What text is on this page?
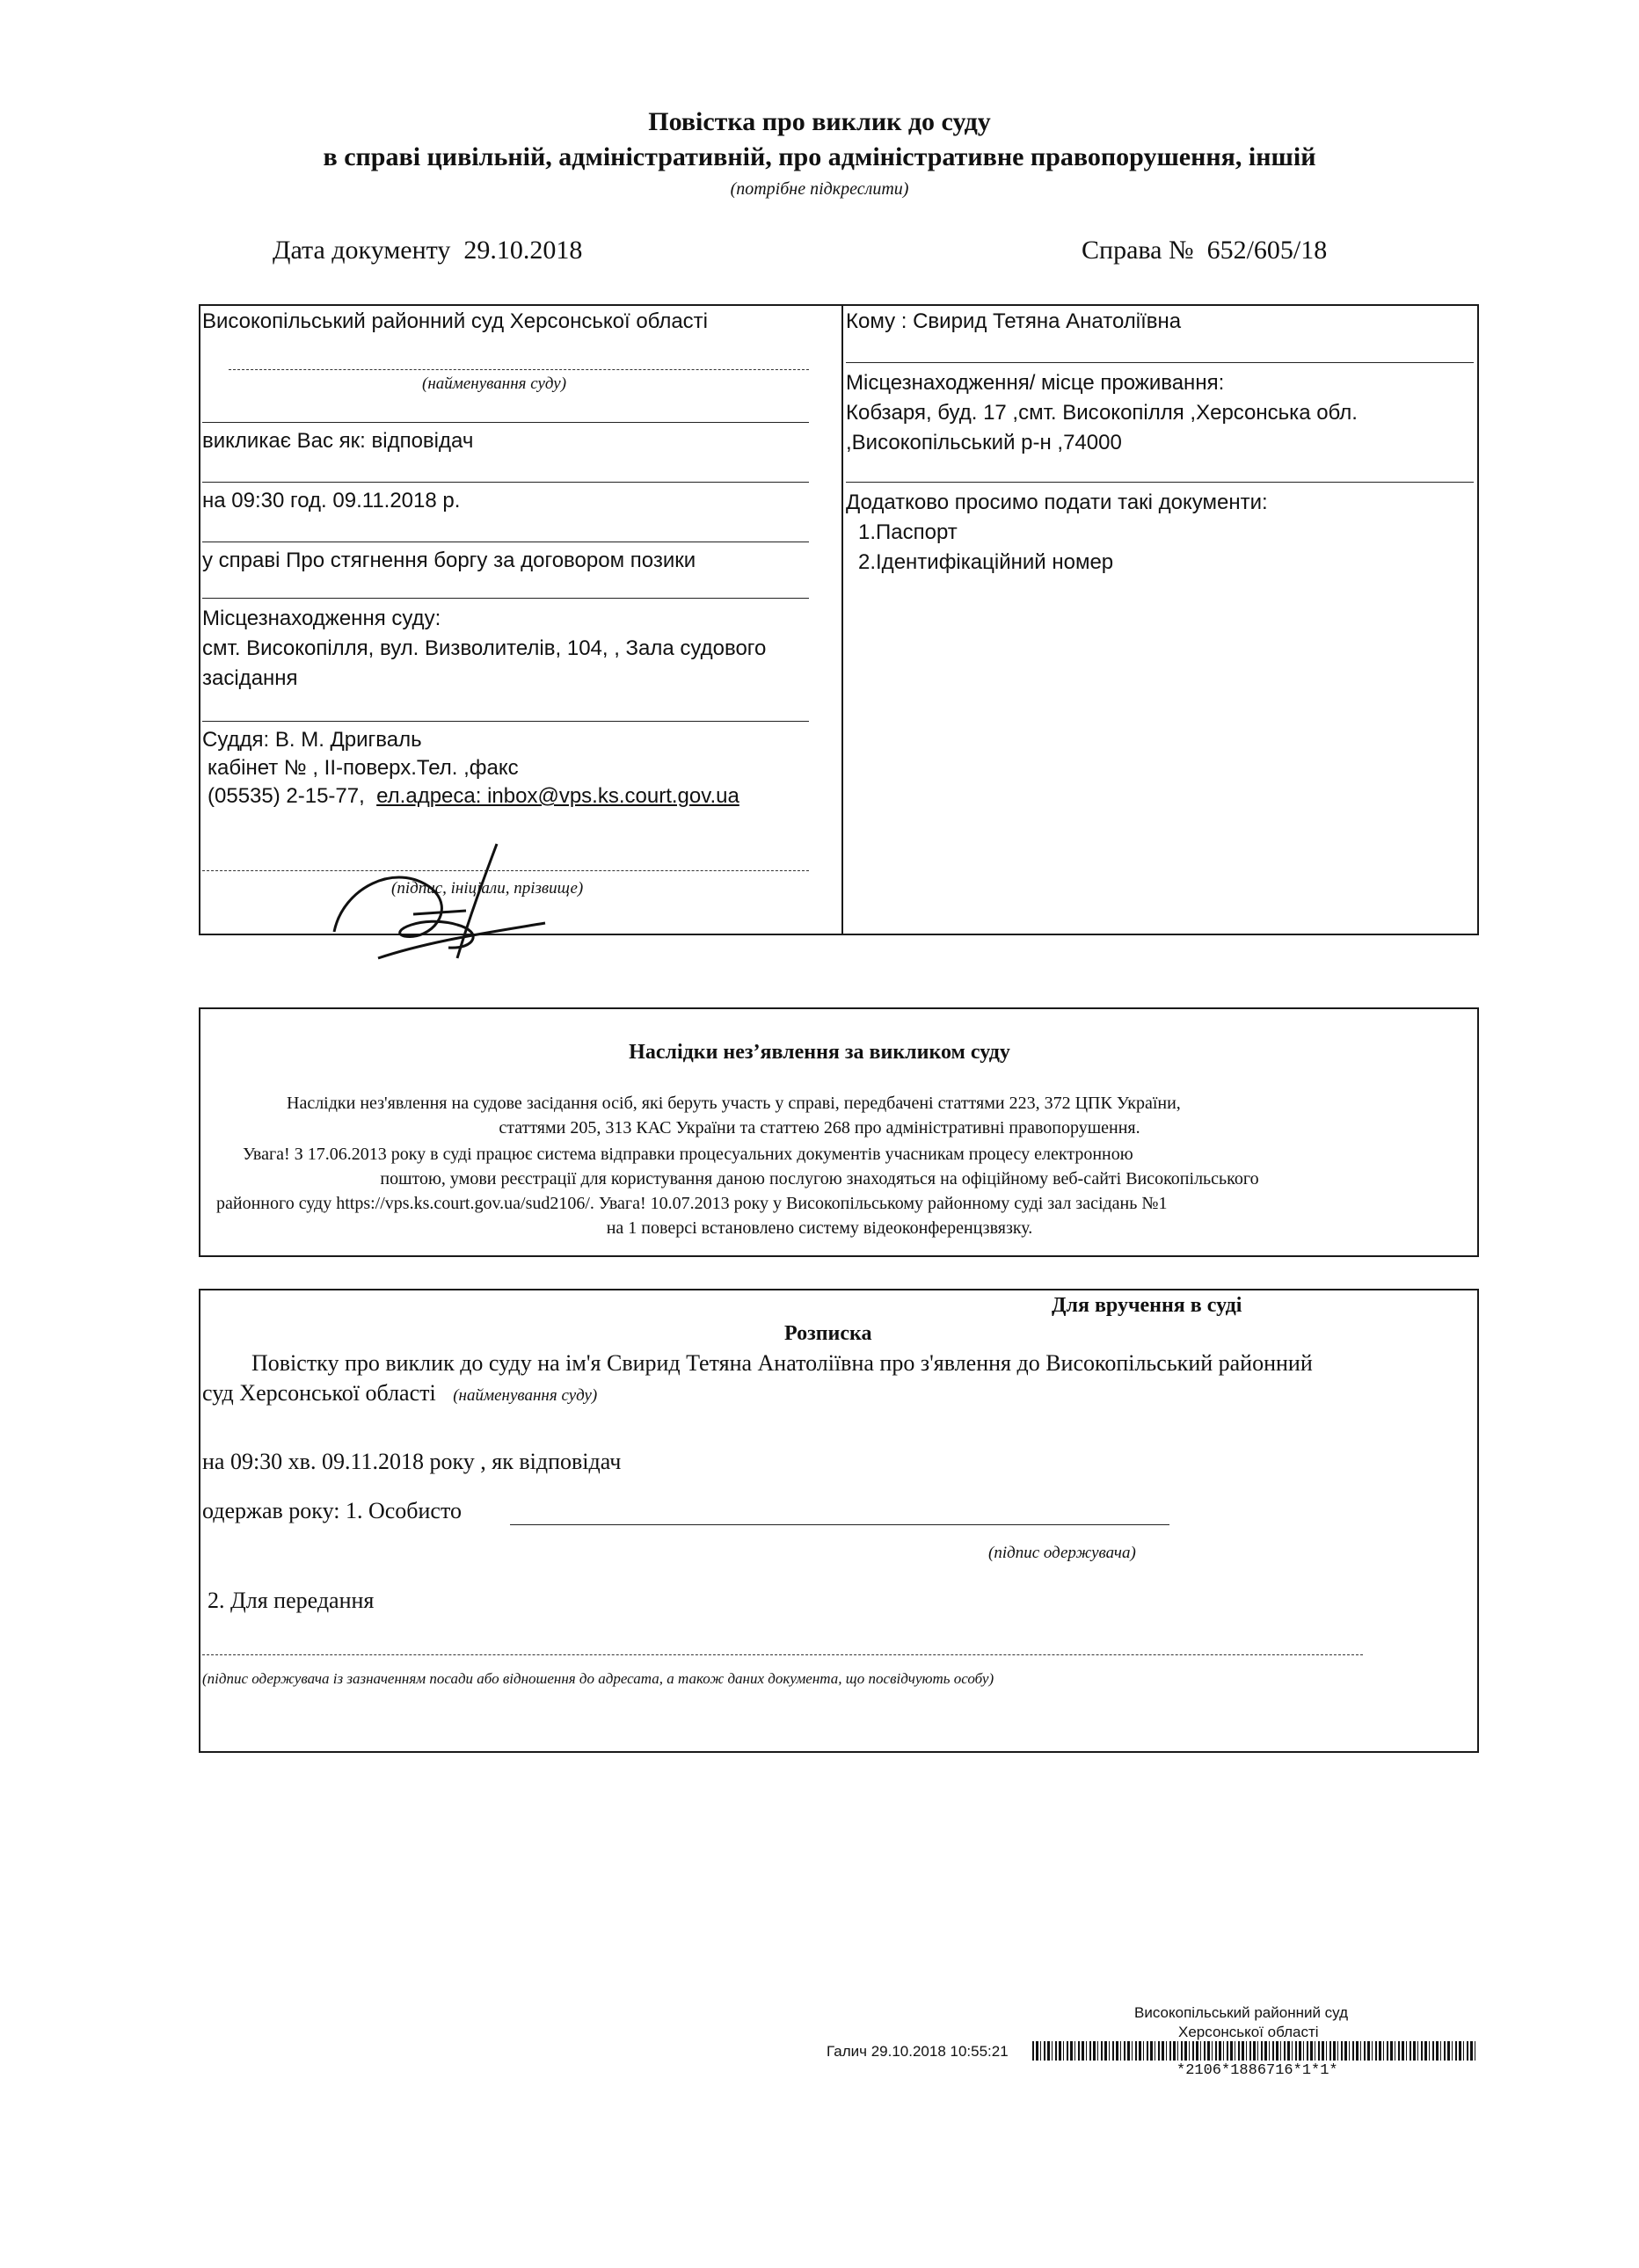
Повістка про виклик до суду
в справі цивільній, адміністративній, про адміністративне правопорушення, іншій
(потрібне підкреслити)
Дата документу 29.10.2018	Справа № 652/605/18
Високопільський районний суд Херсонської області
(найменування суду)
викликає Вас як: відповідач
на 09:30 год. 09.11.2018 р.
у справі Про стягнення боргу за договором позики
Місцезнаходження суду:
смт. Високопілля, вул. Визволителів, 104, , Зала судового
засідання
Суддя: В. М. Дригваль
кабінет № , ІІ-поверх.Тел. ,факс
(05535) 2-15-77, ел.адреса: inbox@vps.ks.court.gov.ua
(підпис, ініціали, прізвище)
Кому : Свирид Тетяна Анатоліївна
Місцезнаходження/ місце проживання:
Кобзаря, буд. 17 ,смт. Високопілля ,Херсонська обл.
,Високопільський р-н ,74000
Додатково просимо подати такі документи:
1.Паспорт
2.Ідентифікаційний номер
Наслідки нез’явлення за викликом суду
Наслідки нез'явлення на судове засідання осіб, які беруть участь у справі, передбачені статтями 223, 372 ЦПК України,
статтями 205, 313 КАС України та статтею 268 про адміністративні правопорушення.
Увага! З 17.06.2013 року в суді працює система відправки процесуальних документів учасникам процесу електронною
поштою, умови реєстрації для користування даною послугою знаходяться на офіційному веб-сайті Високопільського
районного суду https://vps.ks.court.gov.ua/sud2106/. Увага! 10.07.2013 року у Високопільському районному суді зал засідань №1
на 1 поверсі встановлено систему відеоконференцзвязку.
Для вручення в суді
Розписка
Повістку про виклик до суду на ім'я Свирид Тетяна Анатоліївна про з'явлення до Високопільський районний
суд Херсонської області (найменування суду)
на 09:30 хв. 09.11.2018 року , як відповідач
одержав року: 1. Особисто
(підпис одержувача)
2. Для передання
(підпис одержувача із зазначенням посади або відношення до адресата, а також даних документа, що посвідчують особу)
Високопільський районний суд
Херсонської області
Галич 29.10.2018 10:55:21
*2106*1886716*1*1*
